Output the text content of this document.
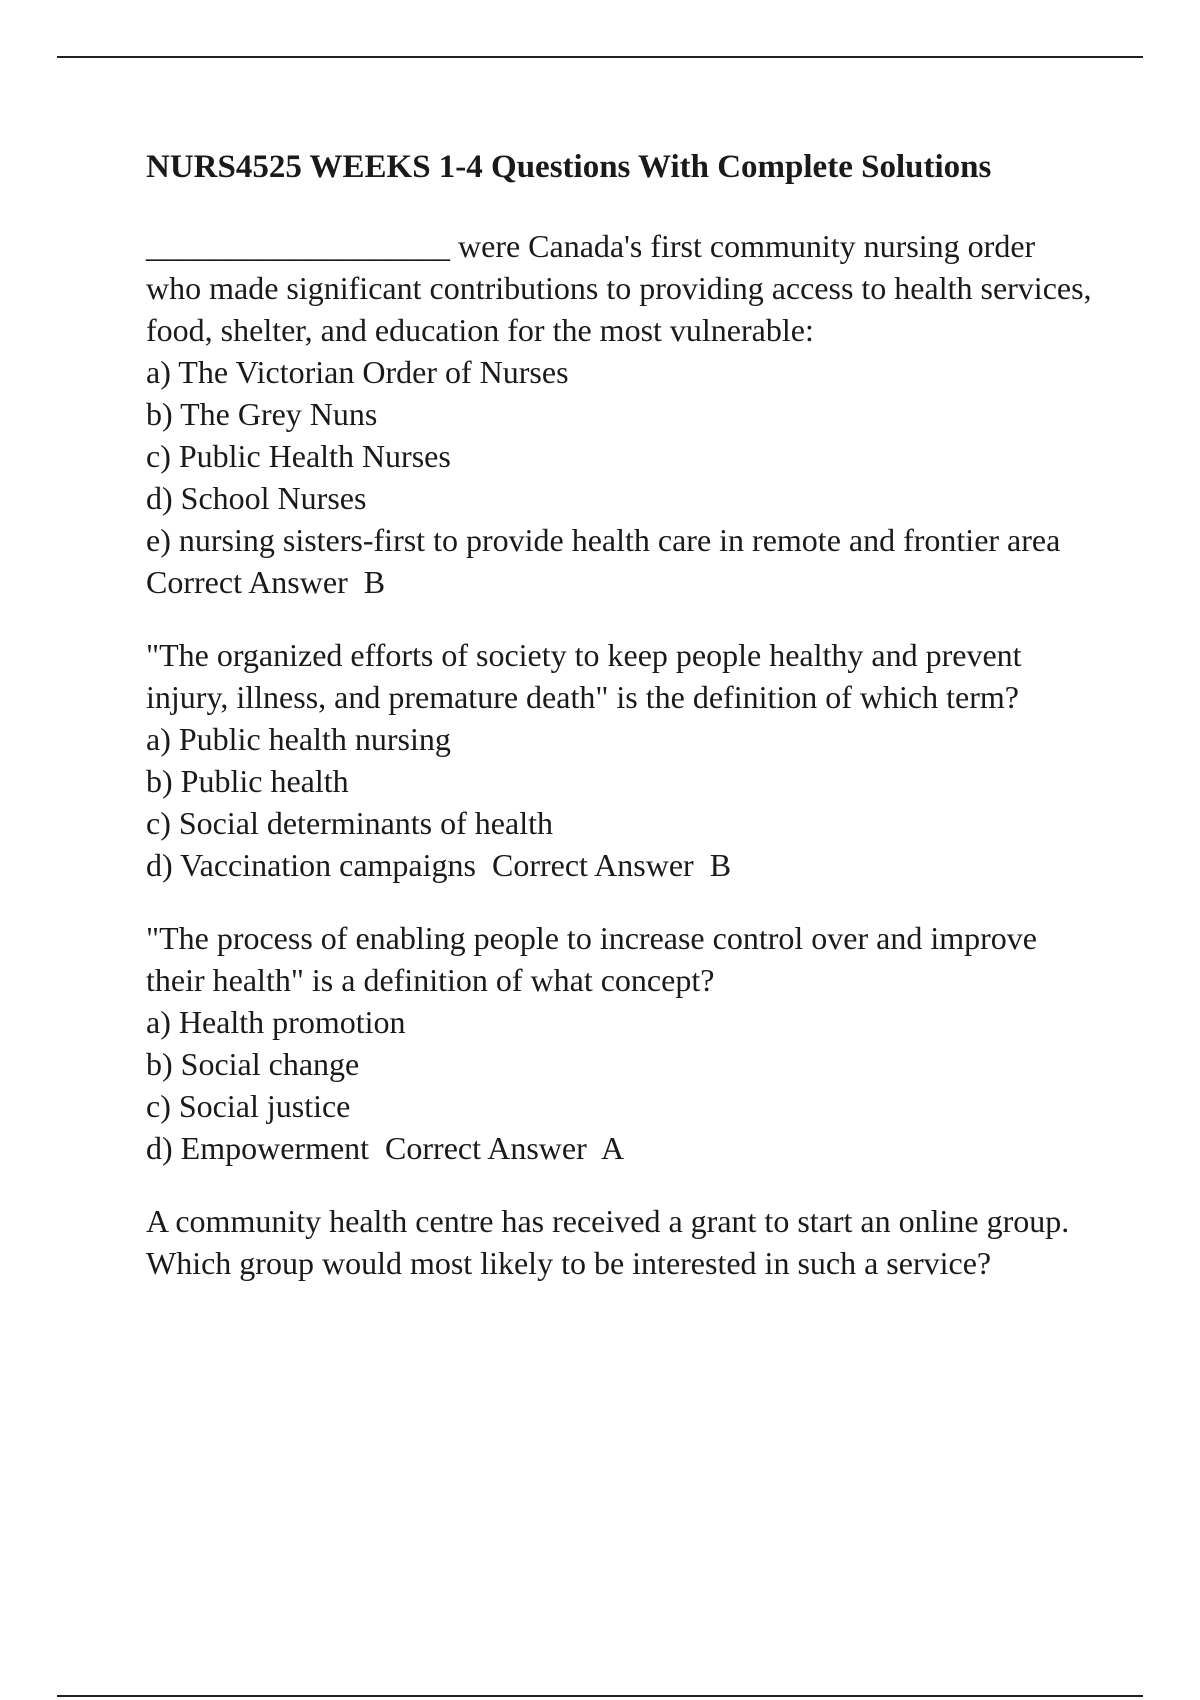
NURS4525 WEEKS 1-4 Questions With Complete Solutions

___________________ were Canada's first community nursing order who made significant contributions to providing access to health services, food, shelter, and education for the most vulnerable:

a) The Victorian Order of Nurses

b) The Grey Nuns

c) Public Health Nurses

d) School Nurses

e) nursing sisters-first to provide health care in remote and frontier area  Correct Answer  B

"The organized efforts of society to keep people healthy and prevent injury, illness, and premature death" is the definition of which term?

a) Public health nursing

b) Public health

c) Social determinants of health

d) Vaccination campaigns  Correct Answer  B

"The process of enabling people to increase control over and improve their health" is a definition of what concept?

a) Health promotion

b) Social change

c) Social justice

d) Empowerment  Correct Answer  A

A community health centre has received a grant to start an online group. Which group would most likely to be interested in such a service?
